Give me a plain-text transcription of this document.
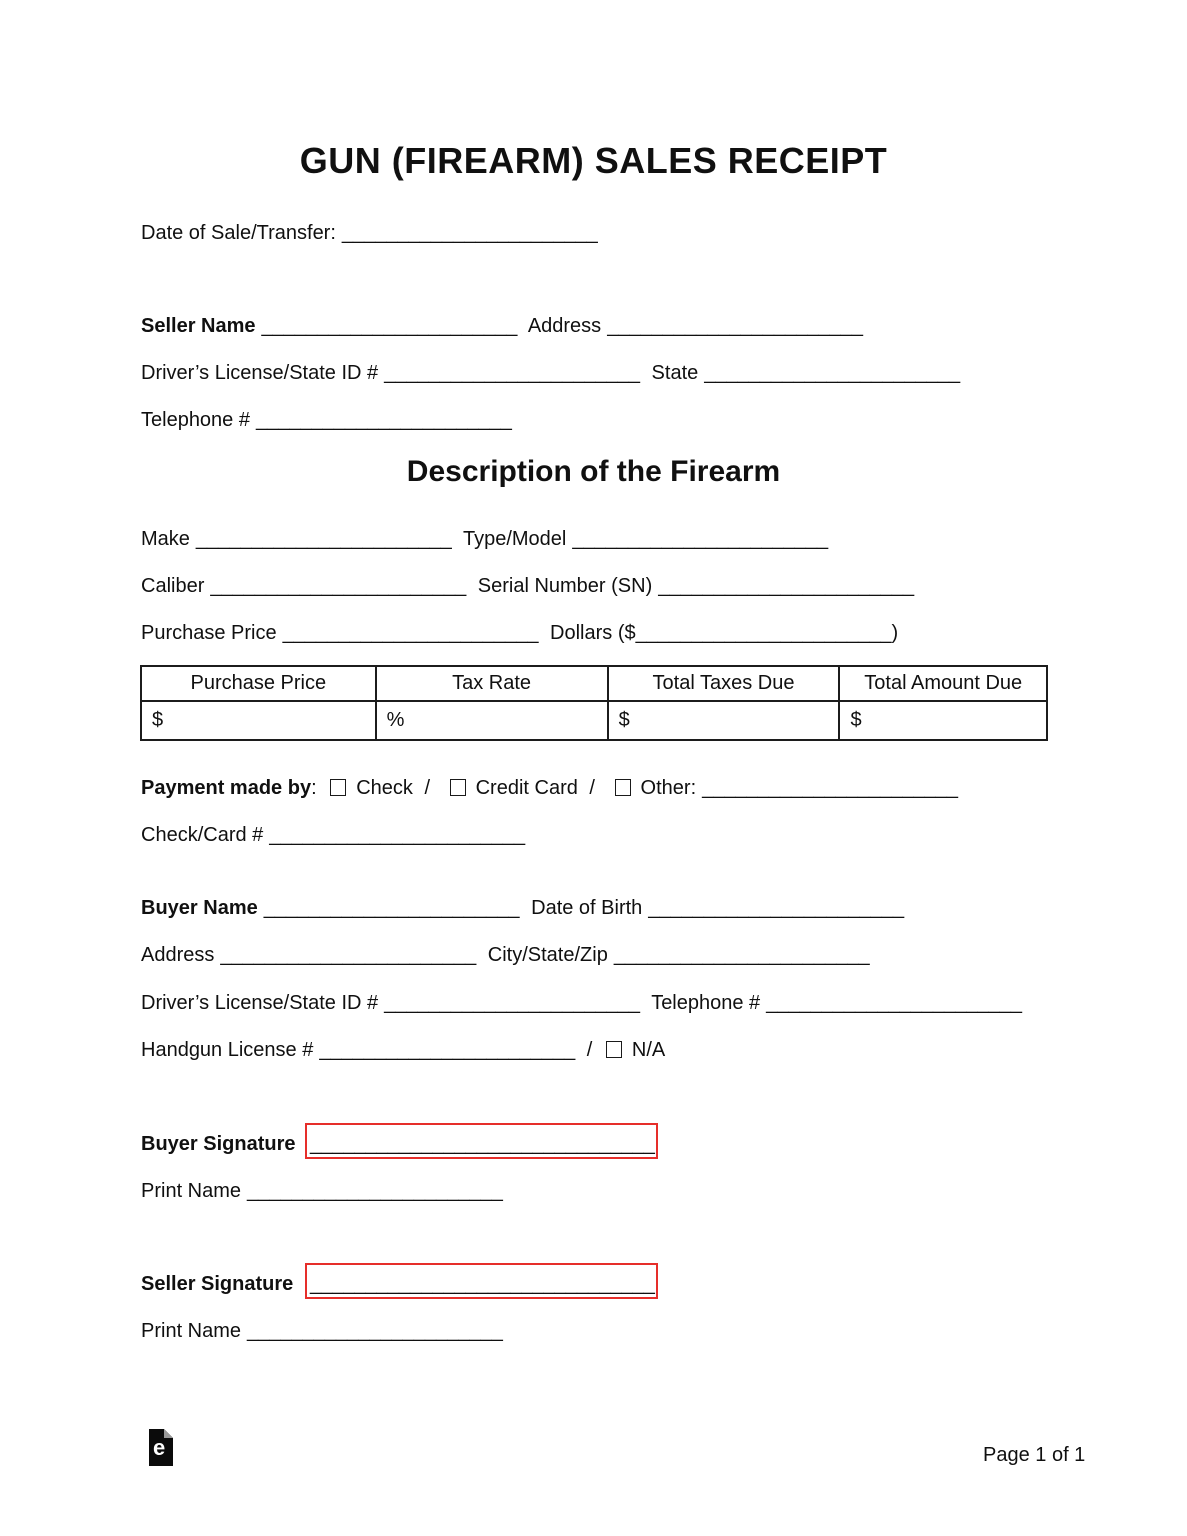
GUN (FIREARM) SALES RECEIPT
Date of Sale/Transfer: _______________________
Seller Name _______________________ Address _______________________
Driver’s License/State ID # _______________________ State _______________________
Telephone # _______________________
Description of the Firearm
Make _______________________ Type/Model _______________________
Caliber _______________________ Serial Number (SN) _______________________
Purchase Price _______________________ Dollars ($_______________________)
Purchase Price	Tax Rate	Total Taxes Due	Total Amount Due
$	%	$	$
Payment made by: Check / Credit Card / Other: _______________________
Check/Card # _______________________
Buyer Name _______________________ Date of Birth _______________________
Address _______________________ City/State/Zip _______________________
Driver’s License/State ID # _______________________ Telephone # _______________________
Handgun License # _______________________ / N/A
Buyer Signature _______________________________
Print Name _______________________
Seller Signature _______________________________
Print Name _______________________
e	Page 1 of 1
